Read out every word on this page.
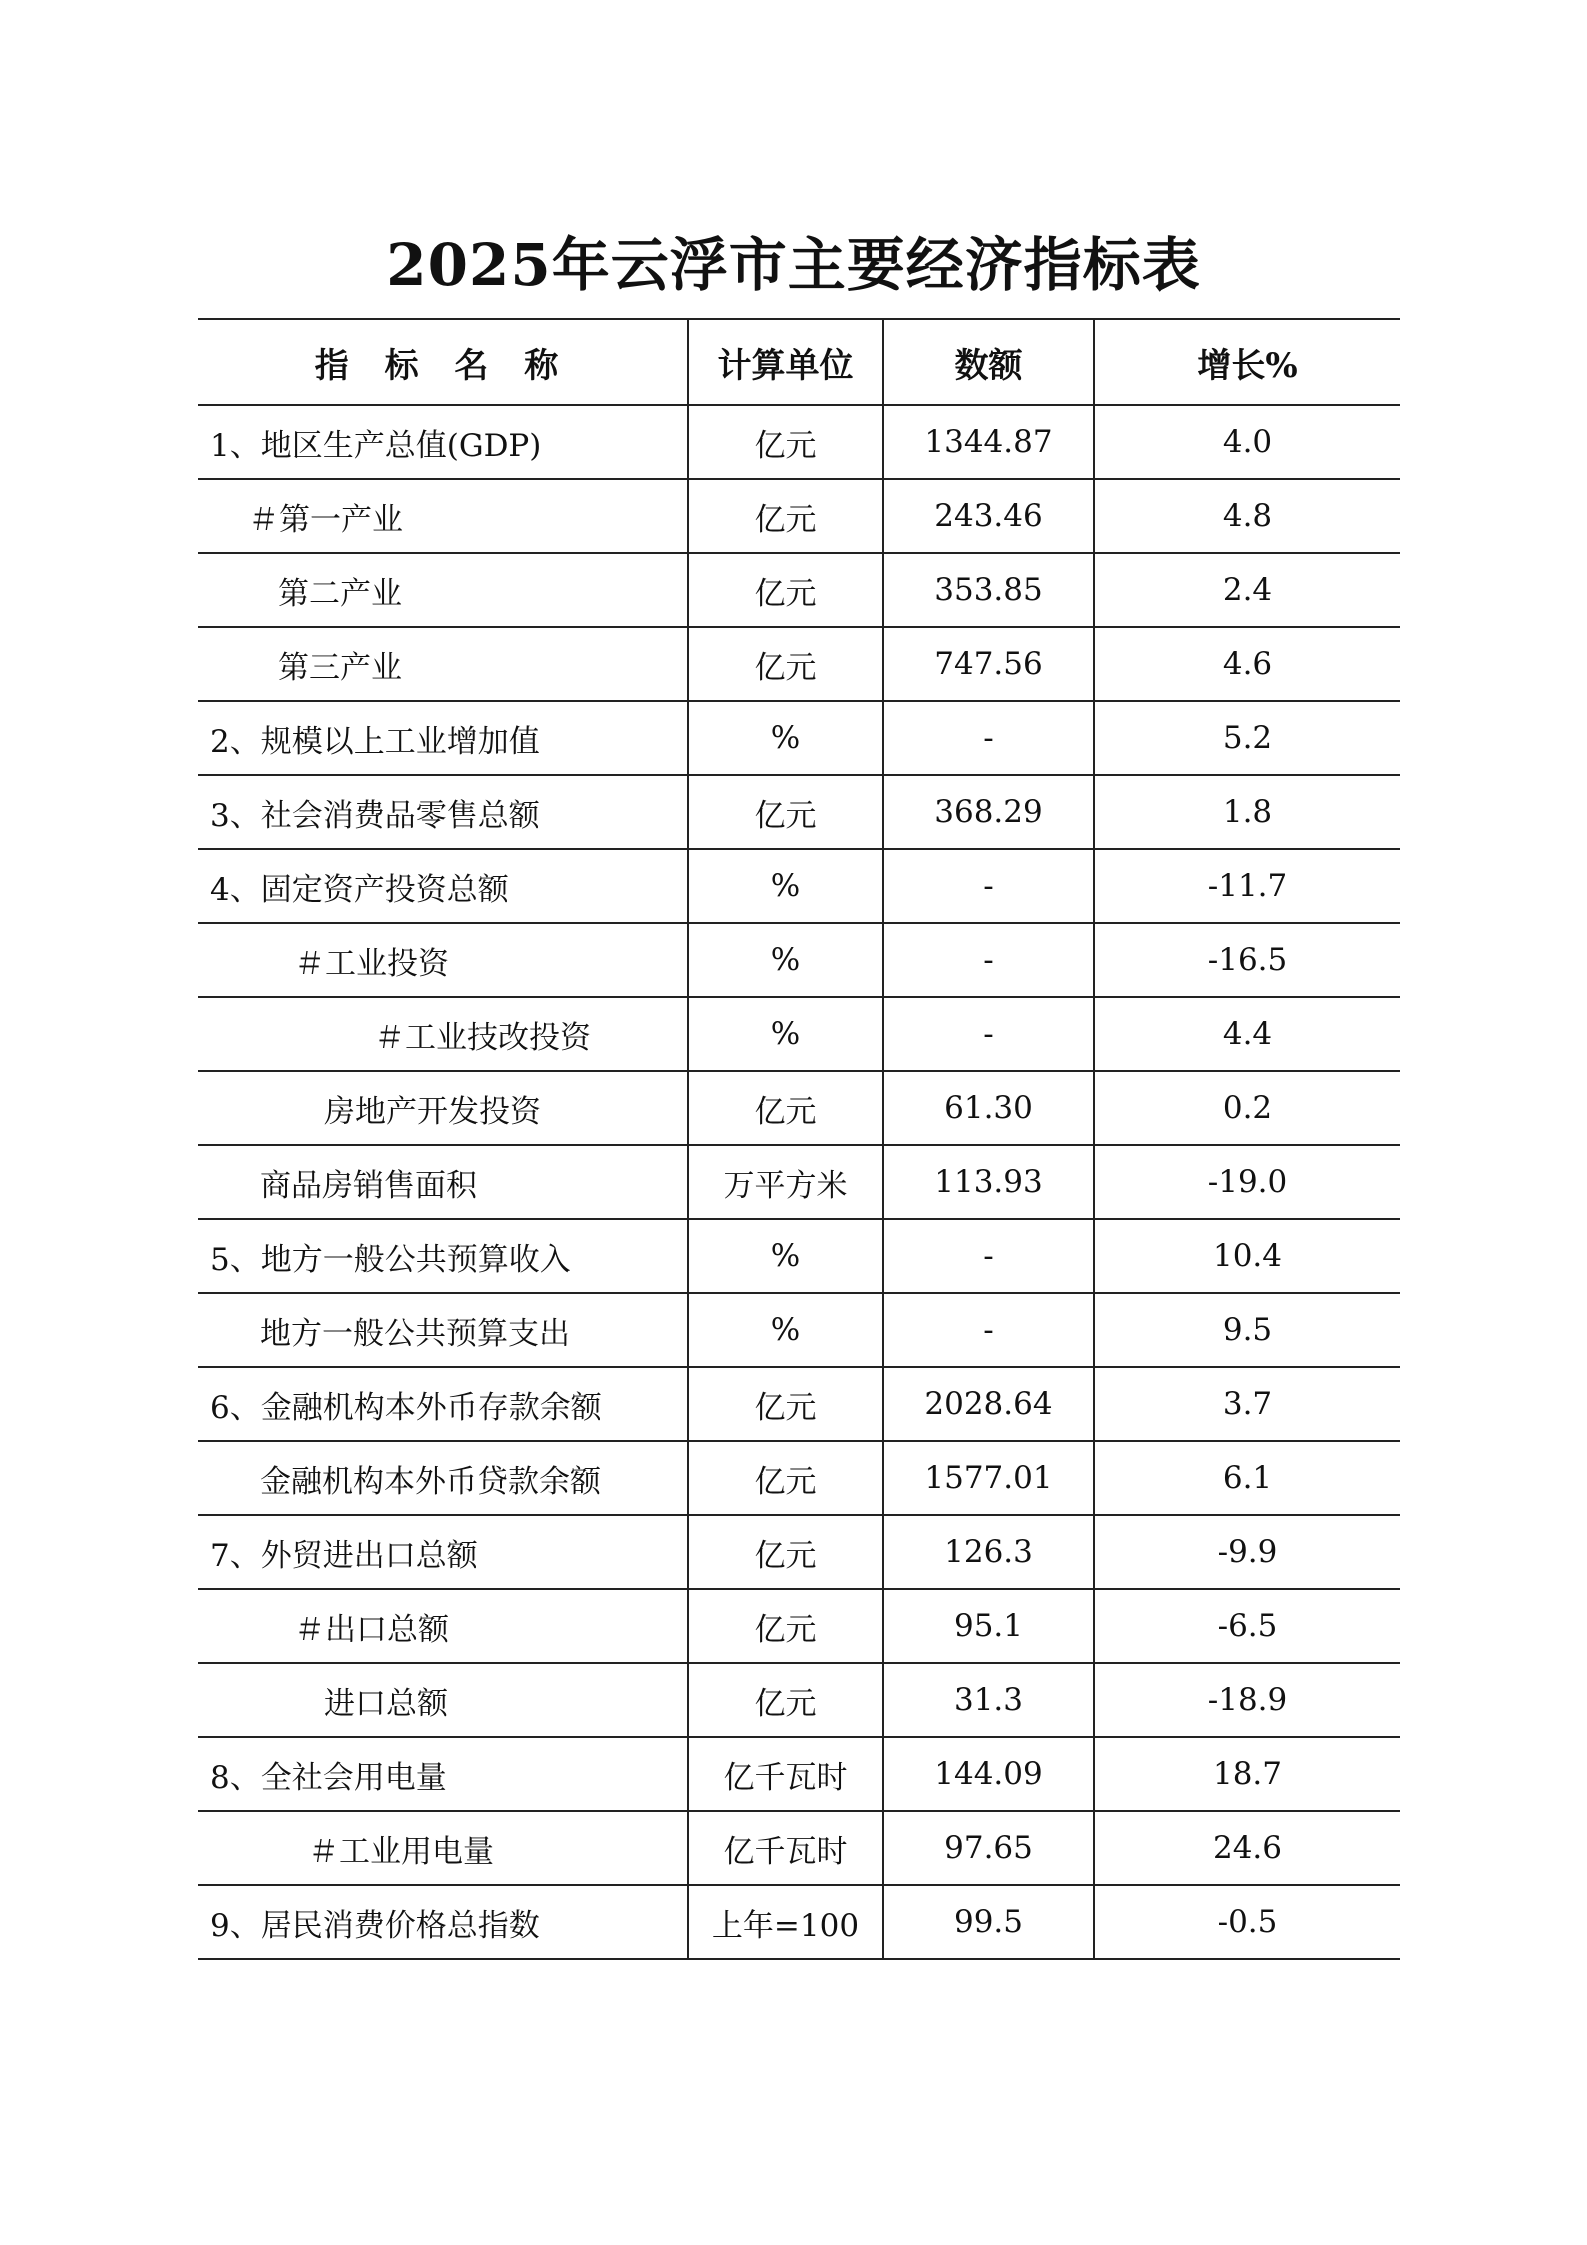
2025年云浮市主要经济指标表
指 标 名 称	计算单位	数额	增长%
1、地区生产总值(GDP)	亿元	1344.87	4.0
＃第一产业	亿元	243.46	4.8
第二产业	亿元	353.85	2.4
第三产业	亿元	747.56	4.6
2、规模以上工业增加值	%	-	5.2
3、社会消费品零售总额	亿元	368.29	1.8
4、固定资产投资总额	%	-	-11.7
＃工业投资	%	-	-16.5
＃工业技改投资	%	-	4.4
房地产开发投资	亿元	61.30	0.2
商品房销售面积	万平方米	113.93	-19.0
5、地方一般公共预算收入	%	-	10.4
地方一般公共预算支出	%	-	9.5
6、金融机构本外币存款余额	亿元	2028.64	3.7
金融机构本外币贷款余额	亿元	1577.01	6.1
7、外贸进出口总额	亿元	126.3	-9.9
＃出口总额	亿元	95.1	-6.5
进口总额	亿元	31.3	-18.9
8、全社会用电量	亿千瓦时	144.09	18.7
＃工业用电量	亿千瓦时	97.65	24.6
9、居民消费价格总指数	上年=100	99.5	-0.5
